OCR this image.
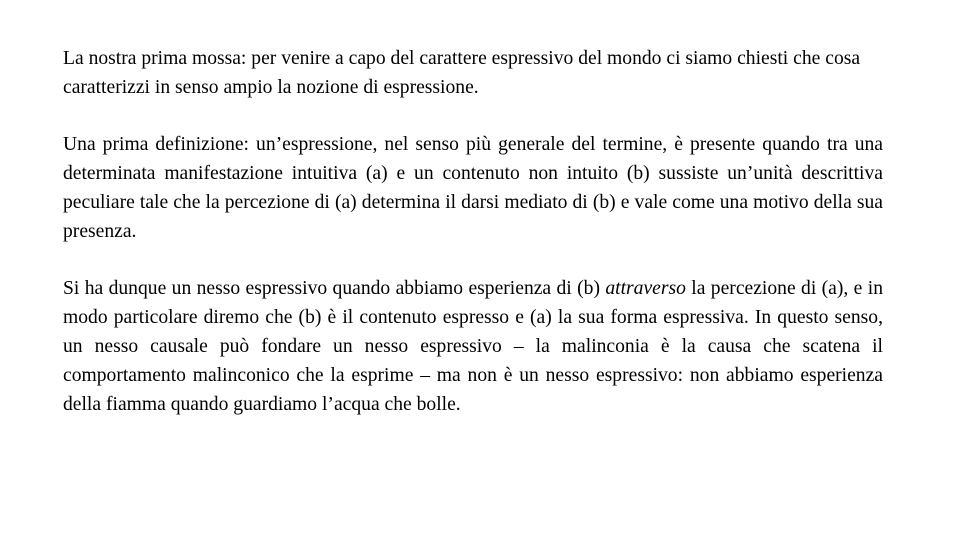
La nostra prima mossa: per venire a capo del carattere espressivo del mondo ci siamo chiesti che cosa caratterizzi in senso ampio la nozione di espressione.

Una prima definizione: un’espressione, nel senso più generale del termine, è presente quando tra una determinata manifestazione intuitiva (a) e un contenuto non intuito (b) sussiste un’unità descrittiva peculiare tale che la percezione di (a) determina il darsi mediato di (b) e vale come una motivo della sua presenza.

Si ha dunque un nesso espressivo quando abbiamo esperienza di (b) attraverso la percezione di (a), e in modo particolare diremo che (b) è il contenuto espresso e (a) la sua forma espressiva. In questo senso, un nesso causale può fondare un nesso espressivo – la malinconia è la causa che scatena il comportamento malinconico che la esprime – ma non è un nesso espressivo: non abbiamo esperienza della fiamma quando guardiamo l’acqua che bolle.
